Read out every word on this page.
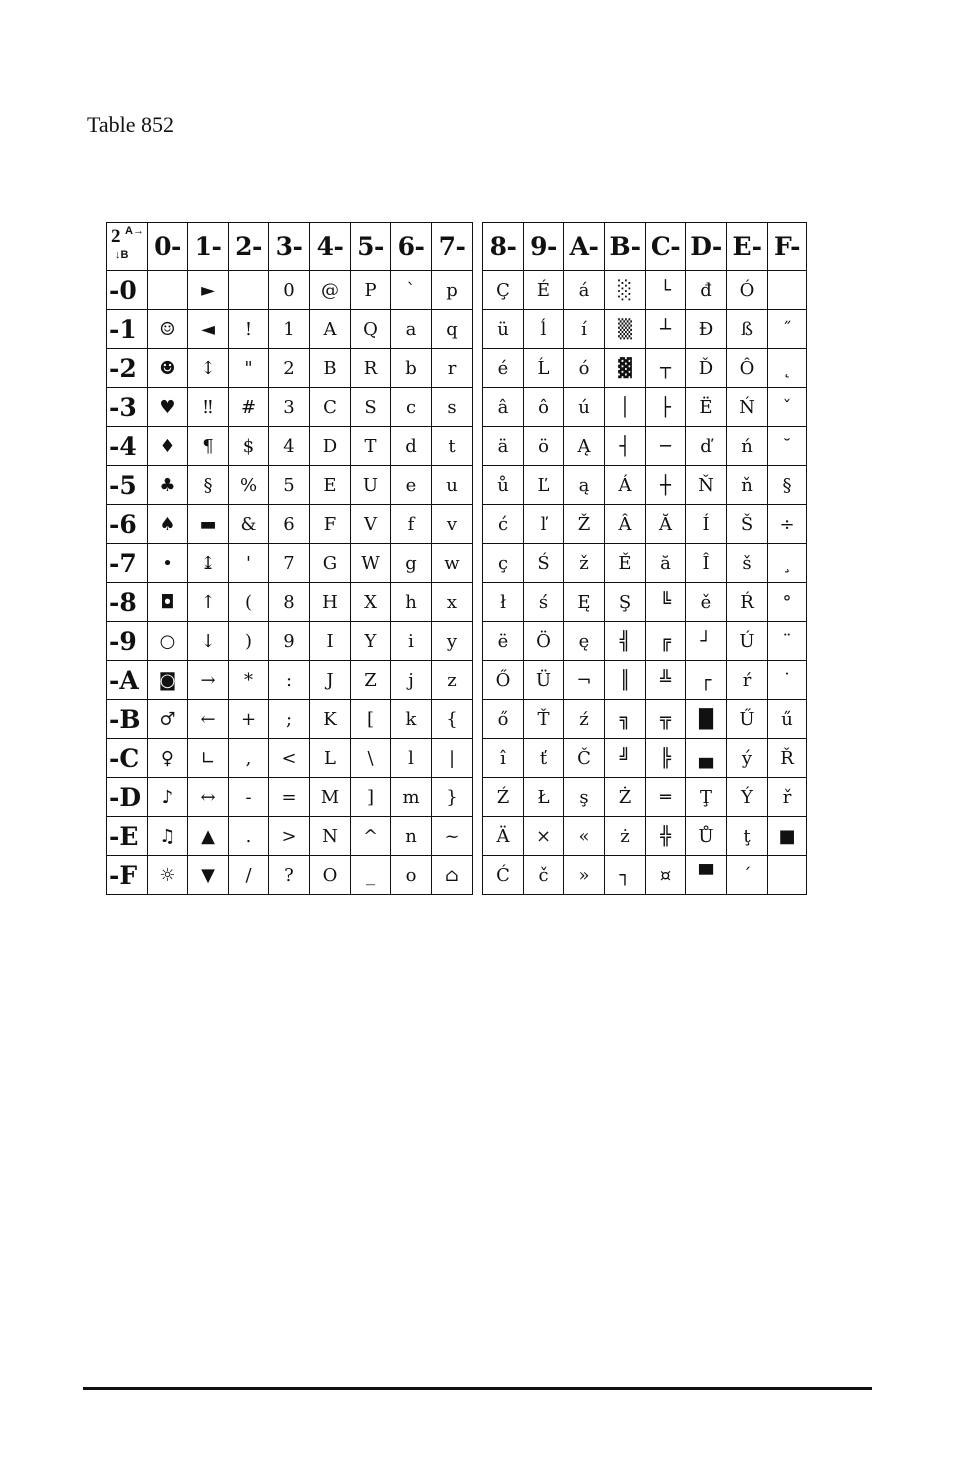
Table 852
2 A→
↓B	0-	1-	2-	3-	4-	5-	6-	7-		8-	9-	A-	B-	C-	D-	E-	F-
-0		►		0	@	P	`	p		Ç	É	á	░	└	đ	Ó	
-1	☺	◄	!	1	A	Q	a	q		ü	ĺ	í	▒	┴	Đ	ß	˝
-2	☻	↕	"	2	B	R	b	r		é	Ĺ	ó	▓	┬	Ď	Ô	˛
-3	♥	‼	#	3	C	S	c	s		â	ô	ú	│	├	Ë	Ń	ˇ
-4	♦	¶	$	4	D	T	d	t		ä	ö	Ą	┤	─	ď	ń	˘
-5	♣	§	%	5	E	U	e	u		ů	Ľ	ą	Á	┼	Ň	ň	§
-6	♠	▬	&	6	F	V	f	v		ć	ľ	Ž	Â	Ă	Í	Š	÷
-7	•	↨	'	7	G	W	g	w		ç	Ś	ž	Ě	ă	Î	š	¸
-8	◘	↑	(	8	H	X	h	x		ł	ś	Ę	Ş	╚	ě	Ŕ	°
-9	○	↓	)	9	I	Y	i	y		ë	Ö	ę	╣	╔	┘	Ú	¨
-A	◙	→	*	:	J	Z	j	z		Ő	Ü	¬	║	╩	┌	ŕ	˙
-B	♂	←	+	;	K	[	k	{		ő	Ť	ź	╗	╦	█	Ű	ű
-C	♀	∟	,	<	L	\	l	|		î	ť	Č	╝	╠	▄	ý	Ř
-D	♪	↔	-	=	M	]	m	}		Ź	Ł	ş	Ż	═	Ţ	Ý	ř
-E	♫	▲	.	>	N	^	n	~		Ä	×	«	ż	╬	Ů	ţ	■
-F	☼	▼	/	?	O	_	o	⌂		Ć	č	»	┐	¤	▀	´	
